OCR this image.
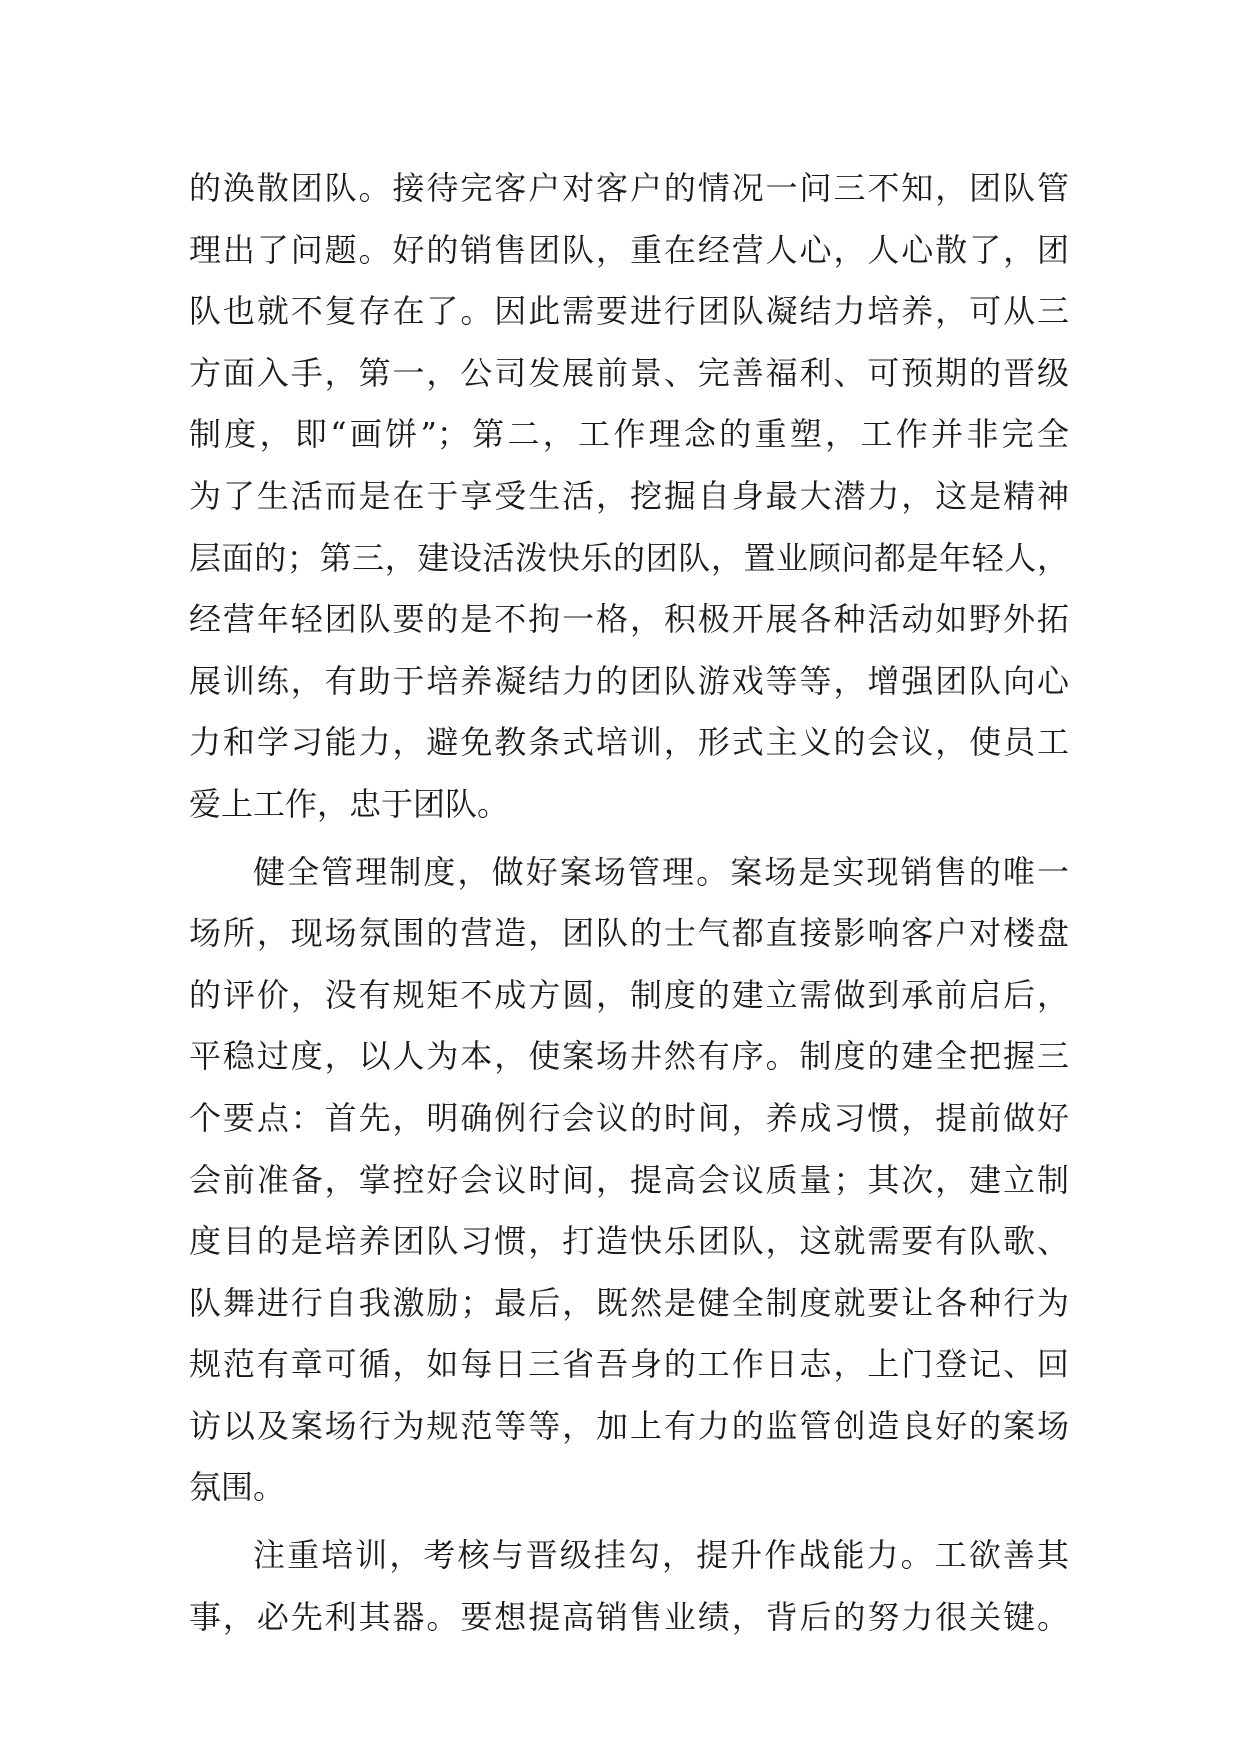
的涣散团队。接待完客户对客户的情况一问三不知，团队管
理出了问题。好的销售团队，重在经营人心，人心散了，团
队也就不复存在了。因此需要进行团队凝结力培养，可从三
方面入手，第一，公司发展前景、完善福利、可预期的晋级
制度，即“画饼”；第二，工作理念的重塑，工作并非完全
为了生活而是在于享受生活，挖掘自身最大潜力，这是精神
层面的；第三，建设活泼快乐的团队，置业顾问都是年轻人，
经营年轻团队要的是不拘一格，积极开展各种活动如野外拓
展训练，有助于培养凝结力的团队游戏等等，增强团队向心
力和学习能力，避免教条式培训，形式主义的会议，使员工
爱上工作，忠于团队。
健全管理制度，做好案场管理。案场是实现销售的唯一
场所，现场氛围的营造，团队的士气都直接影响客户对楼盘
的评价，没有规矩不成方圆，制度的建立需做到承前启后，
平稳过度，以人为本，使案场井然有序。制度的建全把握三
个要点：首先，明确例行会议的时间，养成习惯，提前做好
会前准备，掌控好会议时间，提高会议质量；其次，建立制
度目的是培养团队习惯，打造快乐团队，这就需要有队歌、
队舞进行自我激励；最后，既然是健全制度就要让各种行为
规范有章可循，如每日三省吾身的工作日志，上门登记、回
访以及案场行为规范等等，加上有力的监管创造良好的案场
氛围。
注重培训，考核与晋级挂勾，提升作战能力。工欲善其
事，必先利其器。要想提高销售业绩，背后的努力很关键。
